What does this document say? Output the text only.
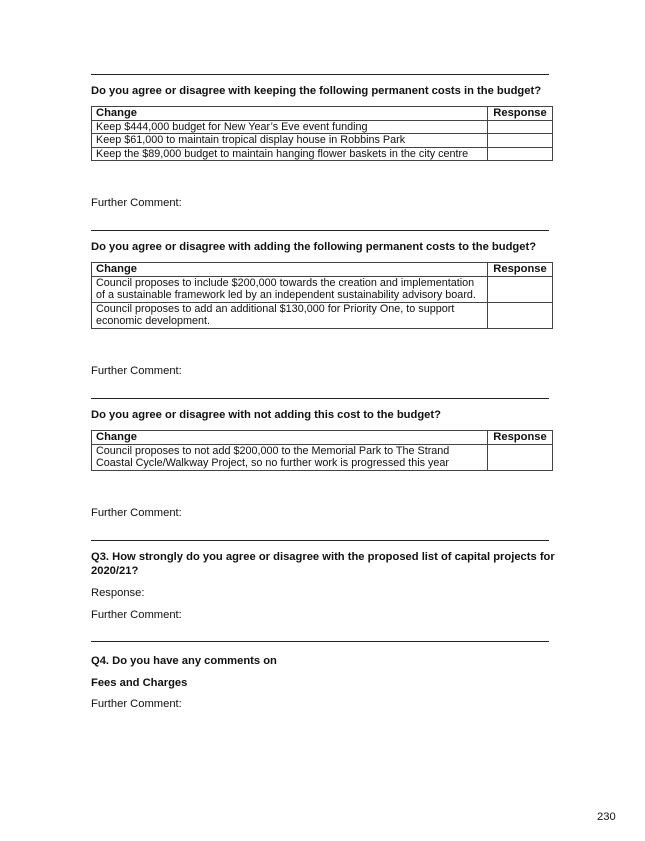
Do you agree or disagree with keeping the following permanent costs in the budget?
Change	Response
Keep $444,000 budget for New Year’s Eve event funding	
Keep $61,000 to maintain tropical display house in Robbins Park	
Keep the $89,000 budget to maintain hanging flower baskets in the city centre	
Further Comment:
Do you agree or disagree with adding the following permanent costs to the budget?
Change	Response
Council proposes to include $200,000 towards the creation and implementation of a sustainable framework led by an independent sustainability advisory board.	
Council proposes to add an additional $130,000 for Priority One, to support economic development.	
Further Comment:
Do you agree or disagree with not adding this cost to the budget?
Change	Response
Council proposes to not add $200,000 to the Memorial Park to The Strand Coastal Cycle/Walkway Project, so no further work is progressed this year	
Further Comment:
Q3. How strongly do you agree or disagree with the proposed list of capital projects for 2020/21?
Response:
Further Comment:
Q4. Do you have any comments on
Fees and Charges
Further Comment:
230
